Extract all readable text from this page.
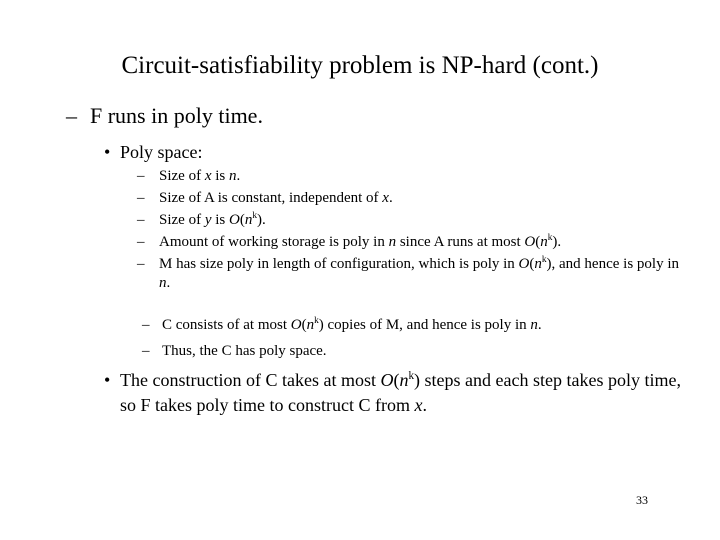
Circuit-satisfiability problem is NP-hard (cont.)
– F runs in poly time.
• Poly space:
– Size of x is n.
– Size of A is constant, independent of x.
– Size of y is $O(n^k)$.
– Amount of working storage is poly in n since A runs at most $O(n^k)$.
– M has size poly in length of configuration, which is poly in $O(n^k)$, and hence is poly in n.
– C consists of at most $O(n^k)$ copies of M, and hence is poly in n.
– Thus, the C has poly space.
• The construction of C takes at most $O(n^k)$ steps and each step takes poly time, so F takes poly time to construct C from x.
33
